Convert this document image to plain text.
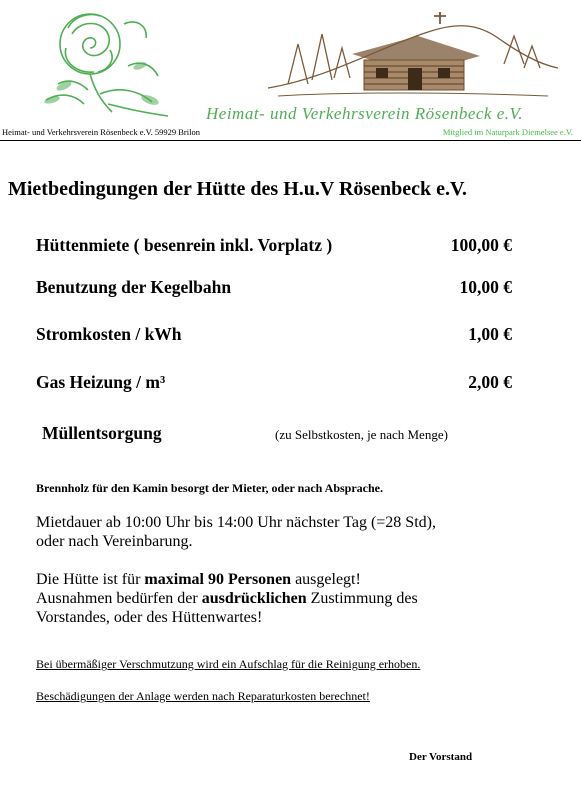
Heimat- und Verkehrsverein Rösenbeck e.V.
Heimat- und Verkehrsverein Rösenbeck e.V. 59929 Brilon	Mitglied im Naturpark Diemelsee e.V.
Mietbedingungen der Hütte des H.u.V Rösenbeck e.V.
Hüttenmiete ( besenrein inkl. Vorplatz )	100,00 €
Benutzung der Kegelbahn	10,00 €
Stromkosten / kWh	1,00 €
Gas Heizung / m³	2,00 €
Müllentsorgung	(zu Selbstkosten, je nach Menge)
Brennholz für den Kamin besorgt der Mieter, oder nach Absprache.

Mietdauer ab 10:00 Uhr bis 14:00 Uhr nächster Tag (=28 Std),

oder nach Vereinbarung.

Die Hütte ist für maximal 90 Personen ausgelegt!

Ausnahmen bedürfen der ausdrücklichen Zustimmung des

Vorstandes, oder des Hüttenwartes!

Bei übermäßiger Verschmutzung wird ein Aufschlag für die Reinigung erhoben.
Beschädigungen der Anlage werden nach Reparaturkosten berechnet!
Der Vorstand
